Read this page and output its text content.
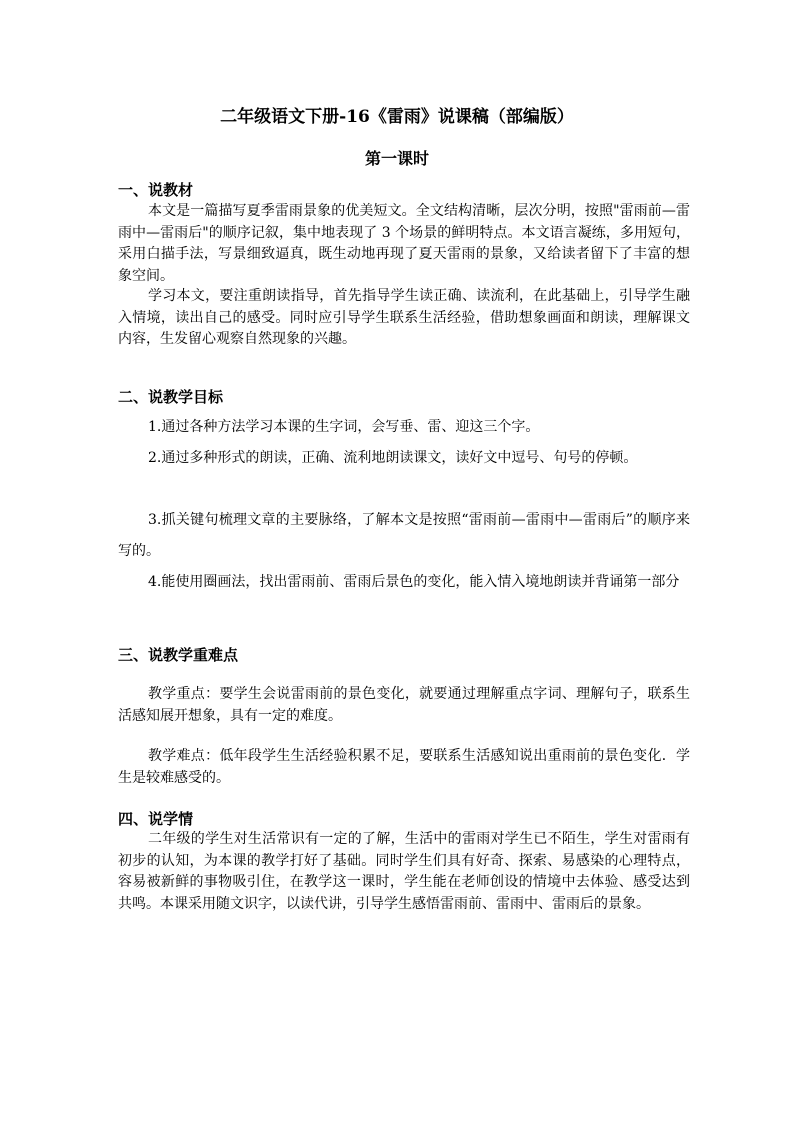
二年级语文下册-16《雷雨》说课稿（部编版）
第一课时
一、说教材

本文是一篇描写夏季雷雨景象的优美短文。全文结构清晰，层次分明，按照"雷雨前—雷雨中—雷雨后"的顺序记叙，集中地表现了 3 个场景的鲜明特点。本文语言凝练，多用短句，采用白描手法，写景细致逼真，既生动地再现了夏天雷雨的景象，又给读者留下了丰富的想象空间。

学习本文，要注重朗读指导，首先指导学生读正确、读流利，在此基础上，引导学生融入情境，读出自己的感受。同时应引导学生联系生活经验，借助想象画面和朗读，理解课文内容，生发留心观察自然现象的兴趣。

二、说教学目标

1.通过各种方法学习本课的生字词，会写垂、雷、迎这三个字。

2.通过多种形式的朗读，正确、流利地朗读课文，读好文中逗号、句号的停顿。

3.抓关键句梳理文章的主要脉络，了解本文是按照“雷雨前—雷雨中—雷雨后”的顺序来写的。

4.能使用圈画法，找出雷雨前、雷雨后景色的变化，能入情入境地朗读并背诵第一部分

三、说教学重难点

教学重点：要学生会说雷雨前的景色变化，就要通过理解重点字词、理解句子，联系生活感知展开想象，具有一定的难度。

教学难点：低年段学生生活经验积累不足，要联系生活感知说出重雨前的景色变化．学生是较难感受的。

四、说学情

二年级的学生对生活常识有一定的了解，生活中的雷雨对学生已不陌生，学生对雷雨有初步的认知，为本课的教学打好了基础。同时学生们具有好奇、探索、易感染的心理特点，容易被新鲜的事物吸引住，在教学这一课时，学生能在老师创设的情境中去体验、感受达到共鸣。本课采用随文识字，以读代讲，引导学生感悟雷雨前、雷雨中、雷雨后的景象。
